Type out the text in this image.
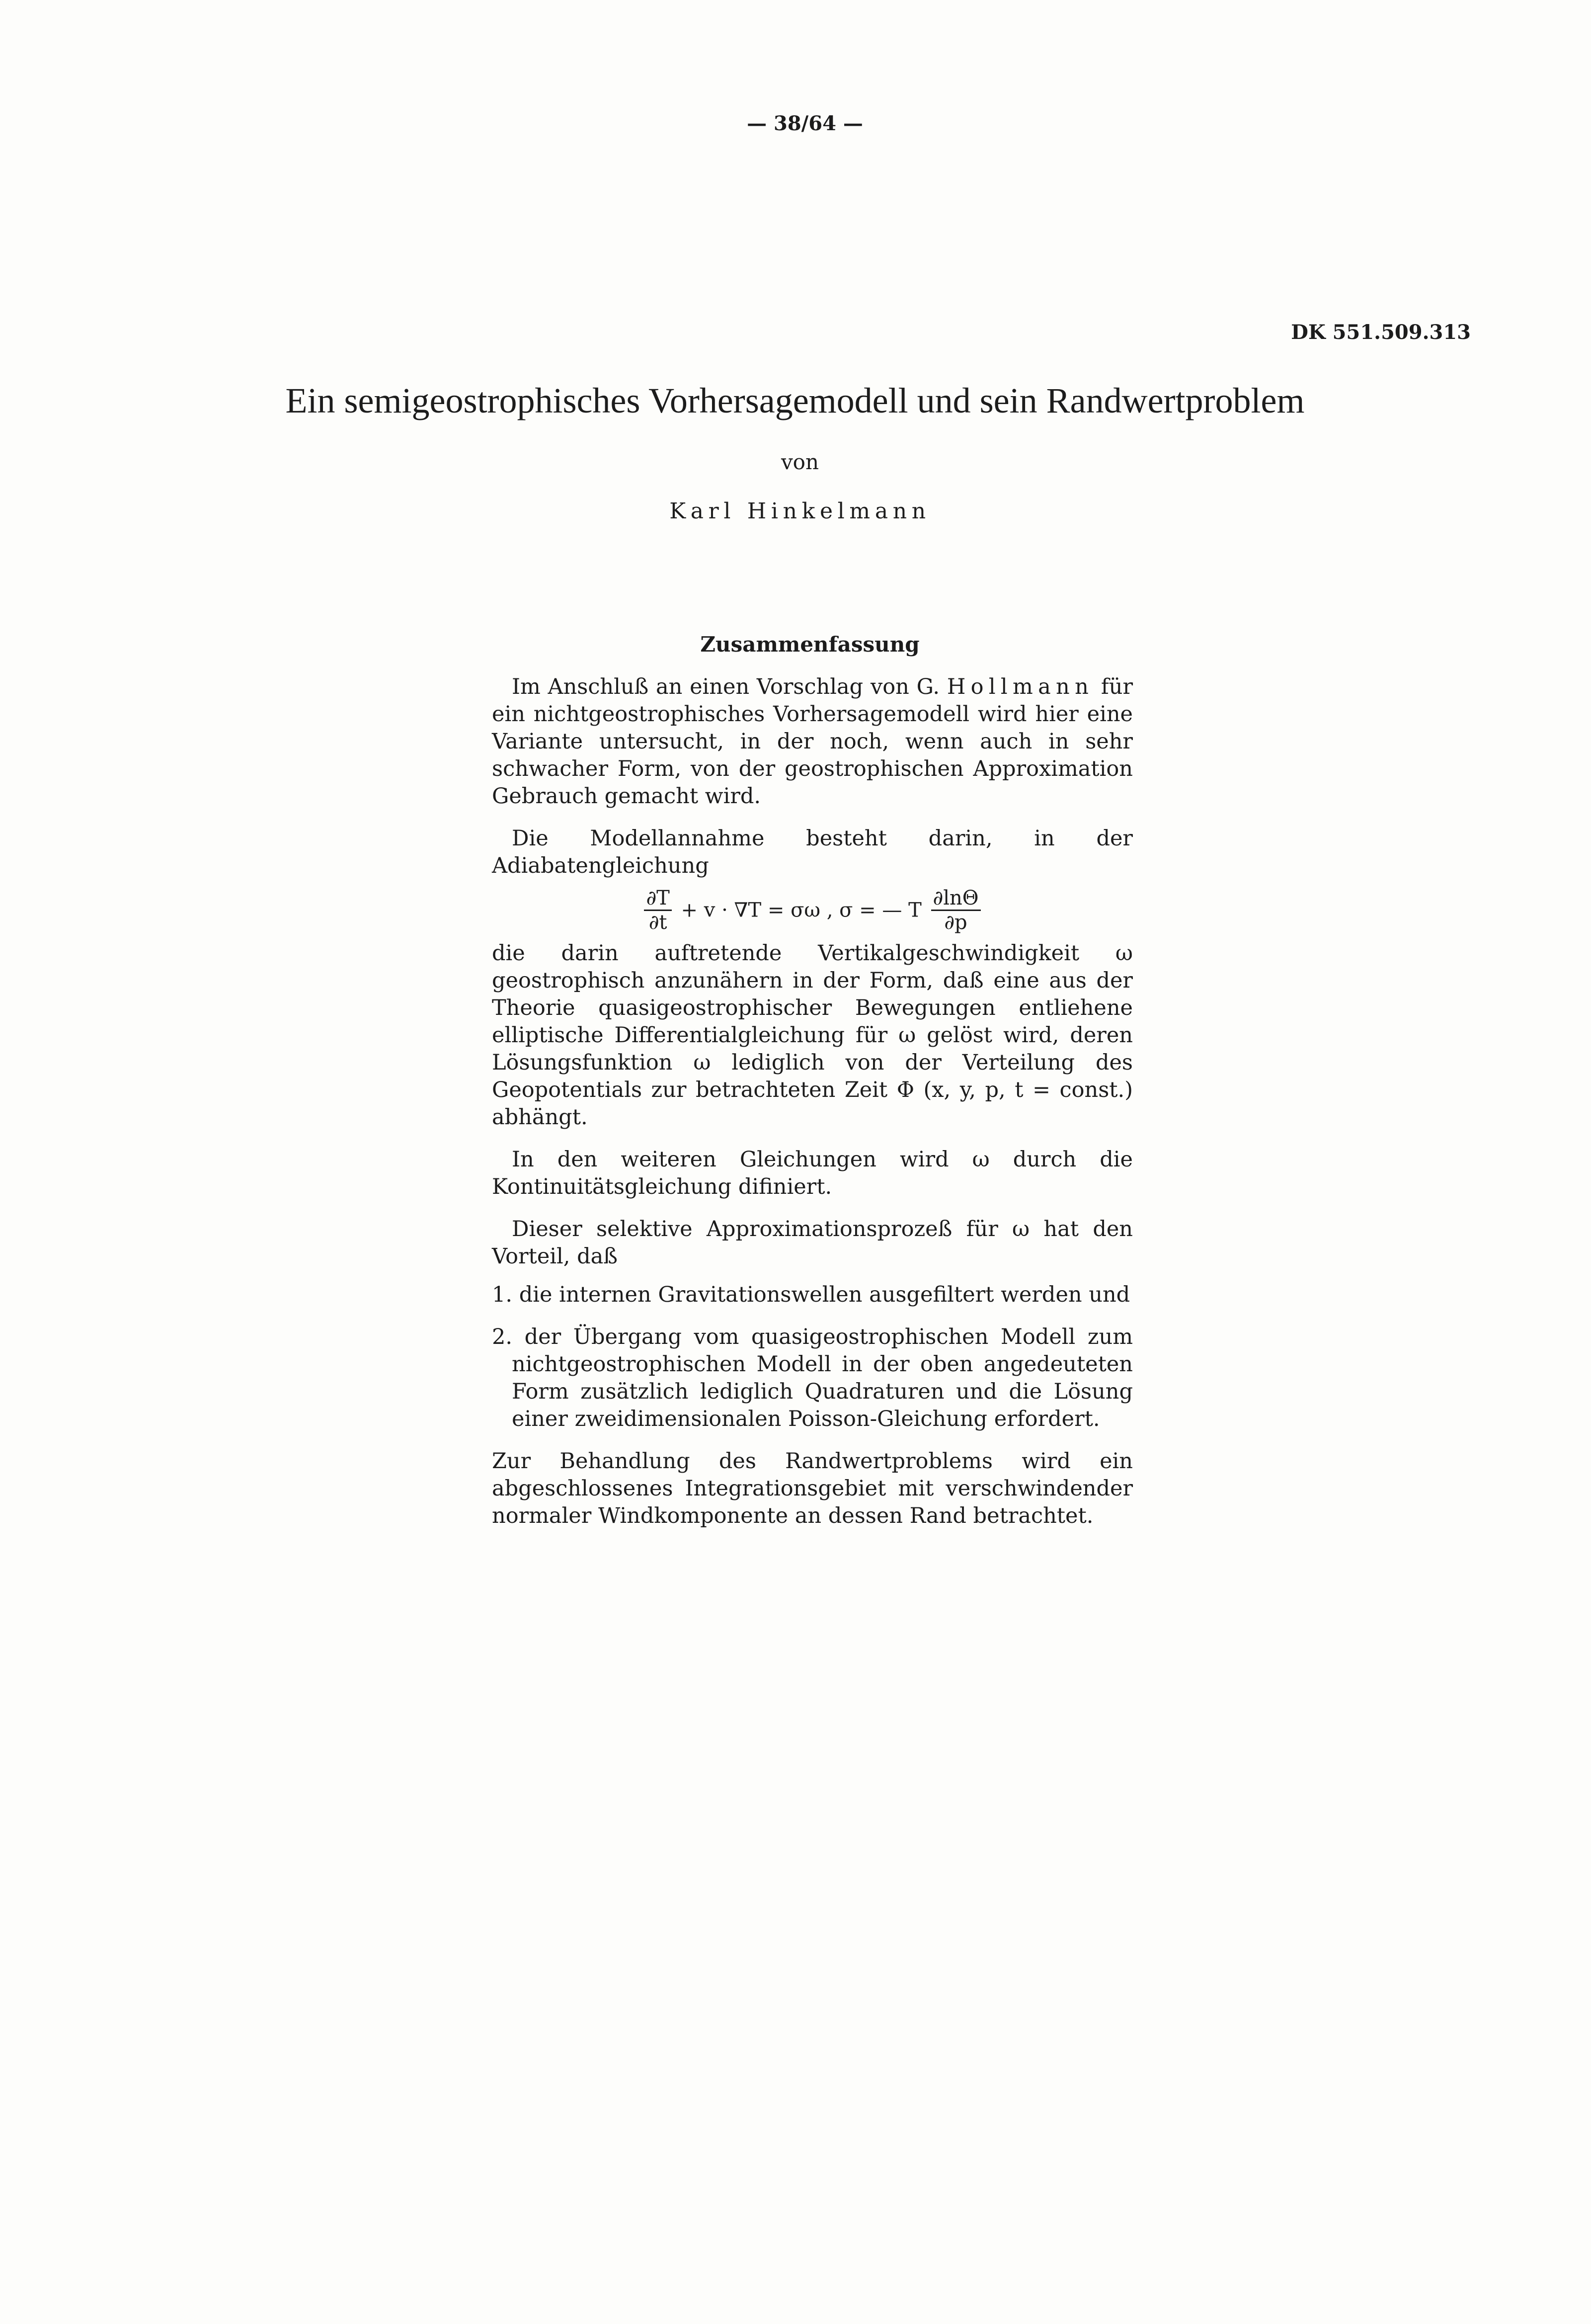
— 38/64 —
DK 551.509.313
Ein semigeostrophisches Vorhersagemodell und sein Randwertproblem
von
Karl Hinkelmann
Zusammenfassung

Im Anschluß an einen Vorschlag von G. Hollmann für ein nichtgeostrophisches Vorhersagemodell wird hier eine Variante untersucht, in der noch, wenn auch in sehr schwacher Form, von der geostrophischen Approximation Gebrauch gemacht wird.

Die Modellannahme besteht darin, in der Adiabatengleichung

$\frac{\partial T}{\partial t} + v \cdot \nabla T = \sigma\omega$ , σ = — T $\frac{\partial\ln\Theta}{\partial p}$

die darin auftretende Vertikalgeschwindigkeit ω geostrophisch anzunähern in der Form, daß eine aus der Theorie quasigeostrophischer Bewegungen entliehene elliptische Differentialgleichung für ω gelöst wird, deren Lösungsfunktion ω lediglich von der Verteilung des Geopotentials zur betrachteten Zeit Φ (x, y, p, t = const.) abhängt.

In den weiteren Gleichungen wird ω durch die Kontinuitätsgleichung difiniert.

Dieser selektive Approximationsprozeß für ω hat den Vorteil, daß

1. die internen Gravitationswellen ausgefiltert werden und
2. der Übergang vom quasigeostrophischen Modell zum nichtgeostrophischen Modell in der oben angedeuteten Form zusätzlich lediglich Quadraturen und die Lösung einer zweidimensionalen Poisson-Gleichung erfordert.

Zur Behandlung des Randwertproblems wird ein abgeschlossenes Integrationsgebiet mit verschwindender normaler Windkomponente an dessen Rand betrachtet.
